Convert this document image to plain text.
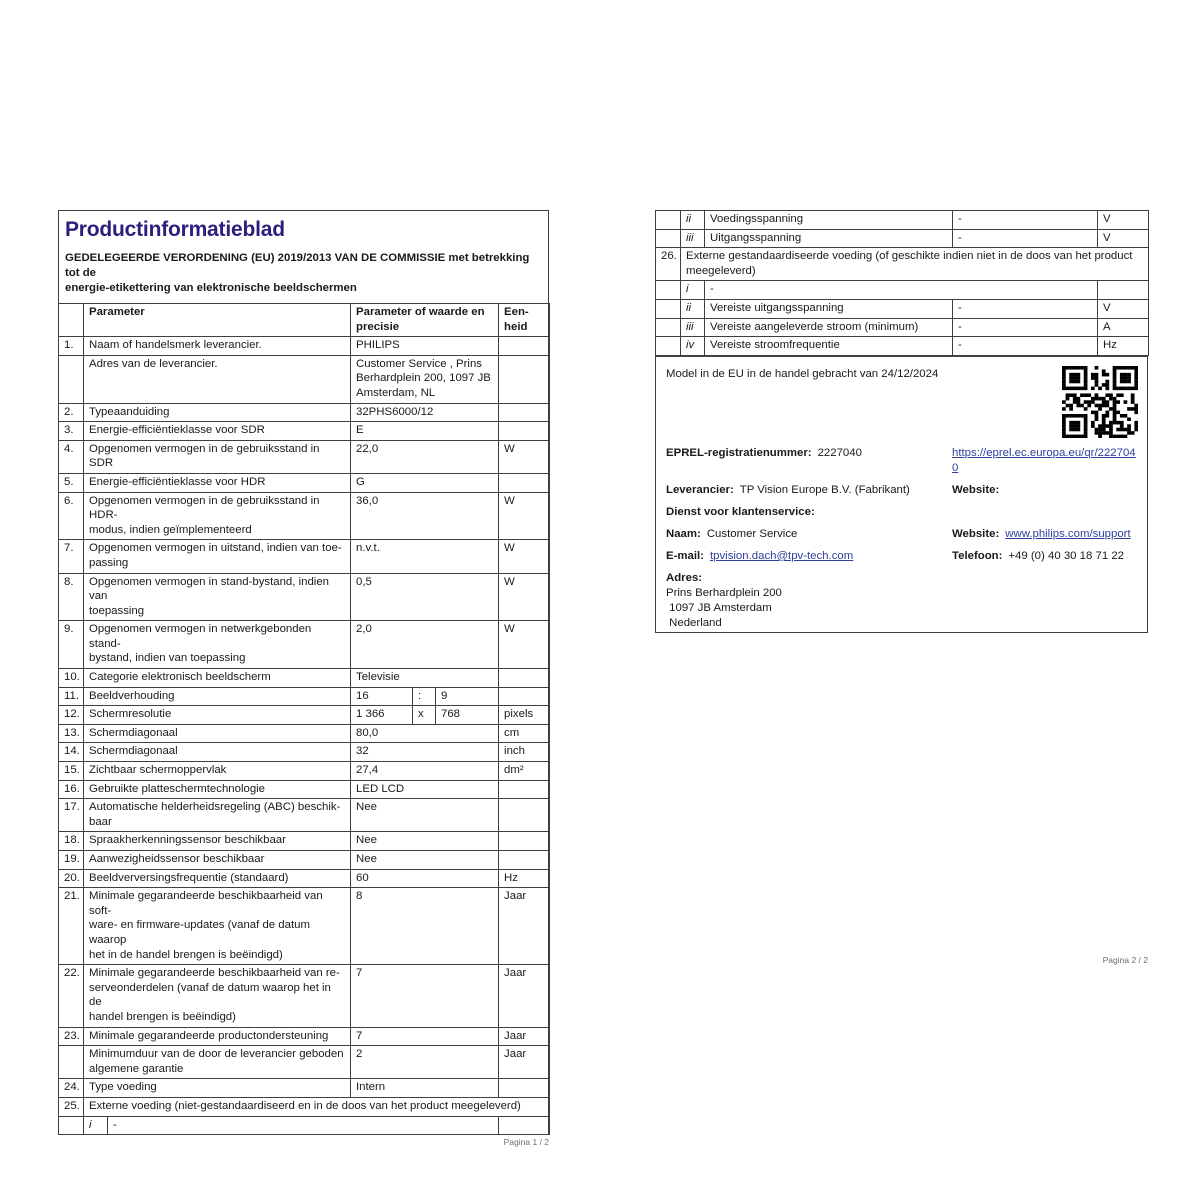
Productinformatieblad

GEDELEGEERDE VERORDENING (EU) 2019/2013 VAN DE COMMISSIE met betrekking tot de
energie-etikettering van elektronische beeldschermen

	Parameter		Parameter of waarde en
precisie			Een-
heid
1.	Naam of handelsmerk leverancier.		PHILIPS			
	Adres van de leverancier.		Customer Service , Prins
Berhardplein 200, 1097 JB
Amsterdam, NL			
2.	Typeaanduiding		32PHS6000/12			
3.	Energie-efficiëntieklasse voor SDR		E			
4.	Opgenomen vermogen in de gebruiksstand in SDR		22,0			W
5.	Energie-efficiëntieklasse voor HDR		G			
6.	Opgenomen vermogen in de gebruiksstand in HDR-
modus, indien geïmplementeerd		36,0			W
7.	Opgenomen vermogen in uitstand, indien van toe-
passing		n.v.t.			W
8.	Opgenomen vermogen in stand-bystand, indien van
toepassing		0,5			W
9.	Opgenomen vermogen in netwerkgebonden stand-
bystand, indien van toepassing		2,0			W
10.	Categorie elektronisch beeldscherm		Televisie			
11.	Beeldverhouding		16	:	9	
12.	Schermresolutie		1 366	x	768	pixels
13.	Schermdiagonaal		80,0			cm
14.	Schermdiagonaal		32			inch
15.	Zichtbaar schermoppervlak		27,4			dm²
16.	Gebruikte platteschermtechnologie		LED LCD			
17.	Automatische helderheidsregeling (ABC) beschik-
baar		Nee			
18.	Spraakherkenningssensor beschikbaar		Nee			
19.	Aanwezigheidssensor beschikbaar		Nee			
20.	Beeldverversingsfrequentie (standaard)		60			Hz
21.	Minimale gegarandeerde beschikbaarheid van soft-
ware- en firmware-updates (vanaf de datum waarop
het in de handel brengen is beëindigd)		8			Jaar
22.	Minimale gegarandeerde beschikbaarheid van re-
serveonderdelen (vanaf de datum waarop het in de
handel brengen is beëindigd)		7			Jaar
23.	Minimale gegarandeerde productondersteuning		7			Jaar
	Minimumduur van de door de leverancier geboden
algemene garantie		2			Jaar
24.	Type voeding		Intern			
25.	Externe voeding (niet-gestandaardiseerd en in de doos van het product meegeleverd)					
	i	-				
Pagina 1 / 2
	ii	Voedingsspanning	-	V
	iii	Uitgangsspanning	-	V
26.	Externe gestandaardiseerde voeding (of geschikte indien niet in de doos van het product
meegeleverd)			
	i	-		
	ii	Vereiste uitgangsspanning	-	V
	iii	Vereiste aangeleverde stroom (minimum)	-	A
	iv	Vereiste stroomfrequentie	-	Hz
Model in de EU in de handel gebracht van 24/12/2024
EPREL-registratienummer: 2227040	https://eprel.ec.europa.eu/qr/2227040
Leverancier: TP Vision Europe B.V. (Fabrikant)	Website:
Dienst voor klantenservice:
Naam: Customer Service	Website: www.philips.com/support
E-mail: tpvision.dach@tpv-tech.com	Telefoon: +49 (0) 40 30 18 71 22
Adres:
Prins Berhardplein 200
1097 JB Amsterdam
Nederland
Pagina 2 / 2
